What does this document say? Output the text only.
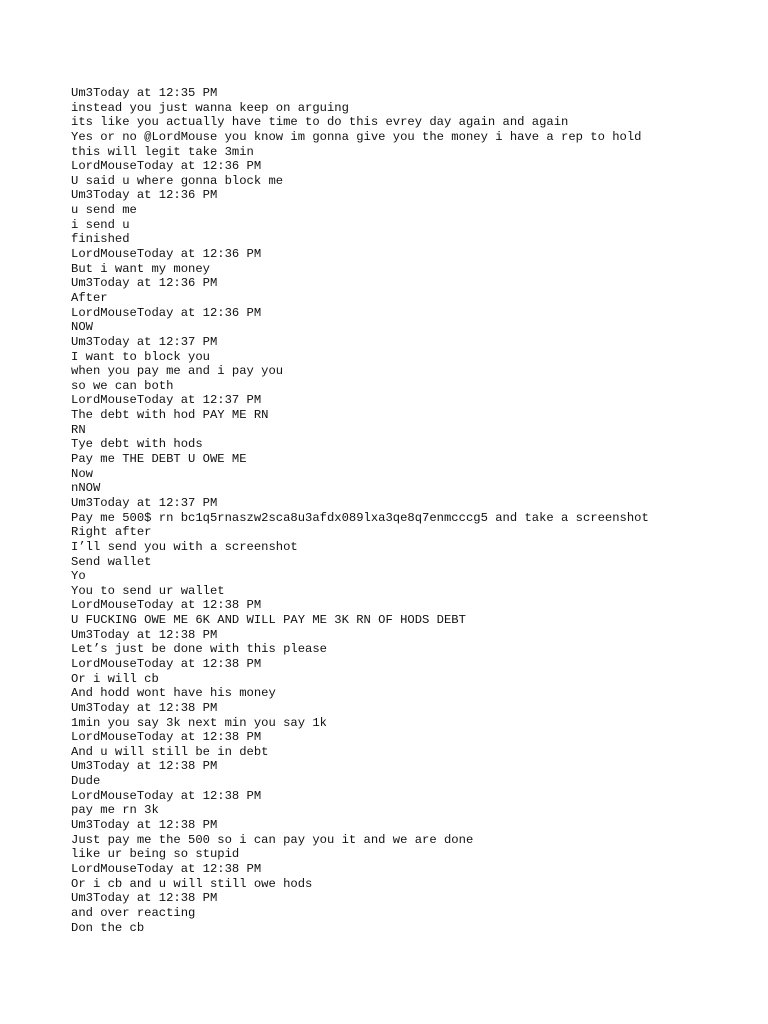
Um3Today at 12:35 PM
instead you just wanna keep on arguing
its like you actually have time to do this evrey day again and again
Yes or no @LordMouse you know im gonna give you the money i have a rep to hold
this will legit take 3min
LordMouseToday at 12:36 PM
U said u where gonna block me
Um3Today at 12:36 PM
u send me
i send u
finished
LordMouseToday at 12:36 PM
But i want my money
Um3Today at 12:36 PM
After
LordMouseToday at 12:36 PM
NOW
Um3Today at 12:37 PM
I want to block you
when you pay me and i pay you
so we can both
LordMouseToday at 12:37 PM
The debt with hod PAY ME RN
RN
Tye debt with hods
Pay me THE DEBT U OWE ME
Now
nNOW
Um3Today at 12:37 PM
Pay me 500$ rn bc1q5rnaszw2sca8u3afdx089lxa3qe8q7enmcccg5 and take a screenshot
Right after
I’ll send you with a screenshot
Send wallet
Yo
You to send ur wallet
LordMouseToday at 12:38 PM
U FUCKING OWE ME 6K AND WILL PAY ME 3K RN OF HODS DEBT
Um3Today at 12:38 PM
Let’s just be done with this please
LordMouseToday at 12:38 PM
Or i will cb
And hodd wont have his money
Um3Today at 12:38 PM
1min you say 3k next min you say 1k
LordMouseToday at 12:38 PM
And u will still be in debt
Um3Today at 12:38 PM
Dude
LordMouseToday at 12:38 PM
pay me rn 3k
Um3Today at 12:38 PM
Just pay me the 500 so i can pay you it and we are done
like ur being so stupid
LordMouseToday at 12:38 PM
Or i cb and u will still owe hods
Um3Today at 12:38 PM
and over reacting
Don the cb
